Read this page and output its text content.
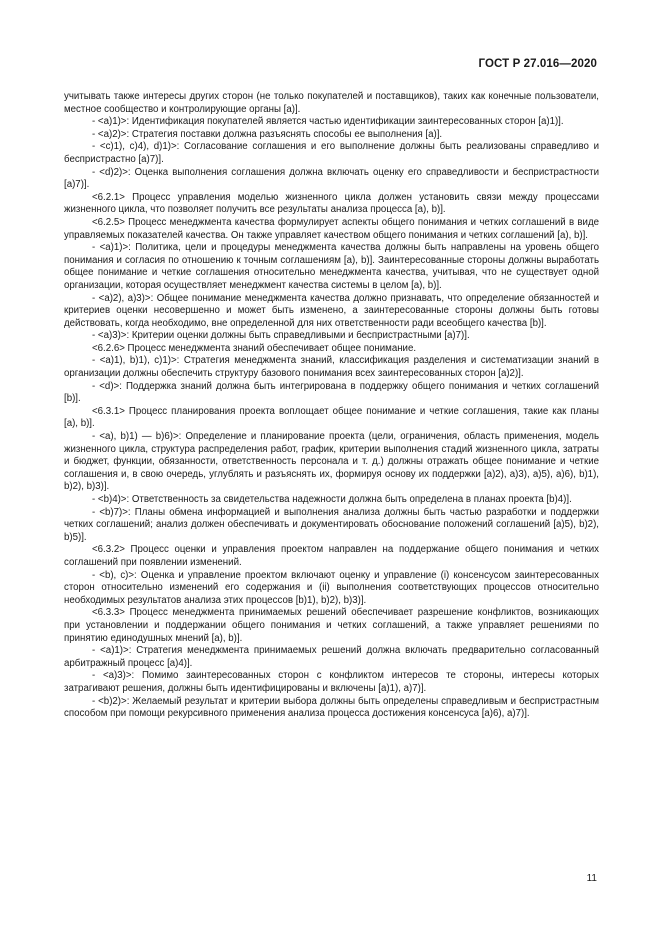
ГОСТ Р 27.016—2020

учитывать также интересы других сторон (не только покупателей и поставщиков), таких как конечные пользователи, местное сообщество и контролирующие органы [а)].

- <a)1)>: Идентификация покупателей является частью идентификации заинтересованных сторон [а)1)].

- <a)2)>: Стратегия поставки должна разъяснять способы ее выполнения [а)].

- <c)1), c)4), d)1)>: Согласование соглашения и его выполнение должны быть реализованы справедливо и беспристрастно [а)7)].

- <d)2)>: Оценка выполнения соглашения должна включать оценку его справедливости и беспристрастности [а)7)].

<6.2.1> Процесс управления моделью жизненного цикла должен установить связи между процессами жизненного цикла, что позволяет получить все результаты анализа процесса [а), b)].

<6.2.5> Процесс менеджмента качества формулирует аспекты общего понимания и четких соглашений в виде управляемых показателей качества. Он также управляет качеством общего понимания и четких соглашений [а), b)].

- <a)1)>: Политика, цели и процедуры менеджмента качества должны быть направлены на уровень общего понимания и согласия по отношению к точным соглашениям [а), b)]. Заинтересованные стороны должны выработать общее понимание и четкие соглашения относительно менеджмента качества, учитывая, что не существует одной организации, которая осуществляет менеджмент качества системы в целом [а), b)].

- <a)2), a)3)>: Общее понимание менеджмента качества должно признавать, что определение обязанностей и критериев оценки несовершенно и может быть изменено, а заинтересованные стороны должны быть готовы действовать, когда необходимо, вне определенной для них ответственности ради всеобщего качества [b)].

- <a)3)>: Критерии оценки должны быть справедливыми и беспристрастными [а)7)].

<6.2.6> Процесс менеджмента знаний обеспечивает общее понимание.

- <a)1), b)1), c)1)>: Стратегия менеджмента знаний, классификация разделения и систематизации знаний в организации должны обеспечить структуру базового понимания всех заинтересованных сторон [а)2)].

- <d)>: Поддержка знаний должна быть интегрирована в поддержку общего понимания и четких соглашений [b)].

<6.3.1> Процесс планирования проекта воплощает общее понимание и четкие соглашения, такие как планы [а), b)].

- <a), b)1) — b)6)>: Определение и планирование проекта (цели, ограничения, область применения, модель жизненного цикла, структура распределения работ, график, критерии выполнения стадий жизненного цикла, затраты и бюджет, функции, обязанности, ответственность персонала и т. д.) должны отражать общее понимание и четкие соглашения и, в свою очередь, углублять и разъяснять их, формируя основу их поддержки [а)2), а)3), а)5), а)6), b)1), b)2), b)3)].

- <b)4)>: Ответственность за свидетельства надежности должна быть определена в планах проекта [b)4)].

- <b)7)>: Планы обмена информацией и выполнения анализа должны быть частью разработки и поддержки четких соглашений; анализ должен обеспечивать и документировать обоснование положений соглашений [а)5), b)2), b)5)].

<6.3.2> Процесс оценки и управления проектом направлен на поддержание общего понимания и четких соглашений при появлении изменений.

- <b), c)>: Оценка и управление проектом включают оценку и управление (i) консенсусом заинтересованных сторон относительно изменений его содержания и (ii) выполнения соответствующих процессов относительно необходимых результатов анализа этих процессов [b)1), b)2), b)3)].

<6.3.3> Процесс менеджмента принимаемых решений обеспечивает разрешение конфликтов, возникающих при установлении и поддержании общего понимания и четких соглашений, а также управляет решениями по принятию единодушных мнений [а), b)].

- <a)1)>: Стратегия менеджмента принимаемых решений должна включать предварительно согласованный арбитражный процесс [а)4)].

- <a)3)>: Помимо заинтересованных сторон с конфликтом интересов те стороны, интересы которых затрагивают решения, должны быть идентифицированы и включены [а)1), а)7)].

- <b)2)>: Желаемый результат и критерии выбора должны быть определены справедливым и беспристрастным способом при помощи рекурсивного применения анализа процесса достижения консенсуса [а)6), а)7)].

11
